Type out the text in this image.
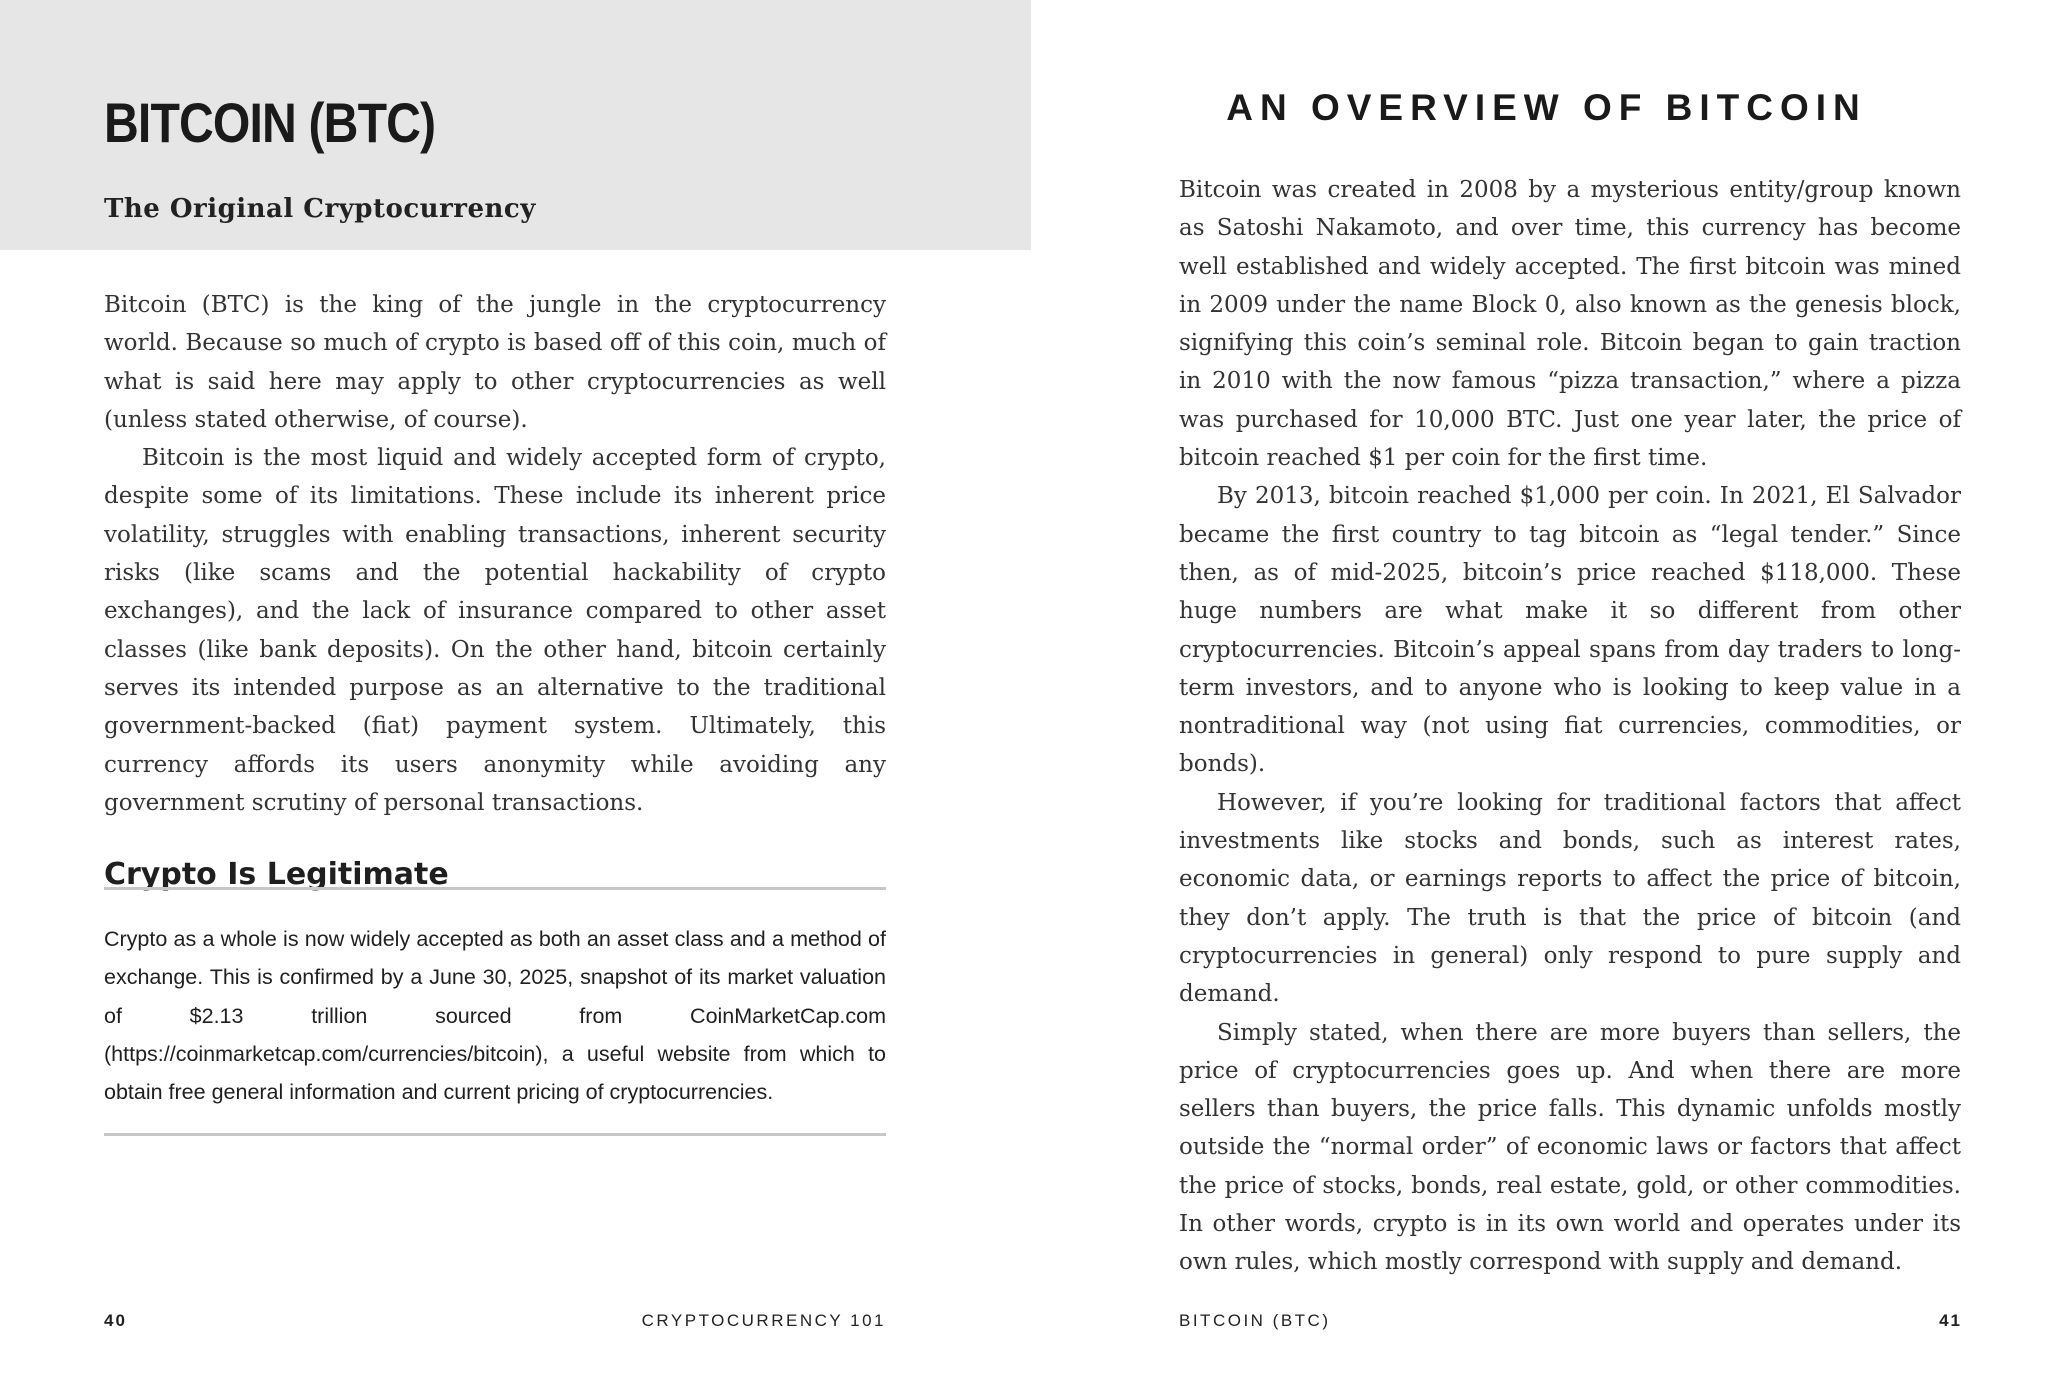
BITCOIN (BTC)
The Original Cryptocurrency

Bitcoin (BTC) is the king of the jungle in the cryptocurrency world. Because so much of crypto is based off of this coin, much of what is said here may apply to other cryptocurrencies as well (unless stated otherwise, of course).

Bitcoin is the most liquid and widely accepted form of crypto, despite some of its limitations. These include its inherent price volatility, struggles with enabling transactions, inherent security risks (like scams and the potential hackability of crypto exchanges), and the lack of insurance compared to other asset classes (like bank deposits). On the other hand, bitcoin certainly serves its intended purpose as an alternative to the traditional government-backed (fiat) payment system. Ultimately, this currency affords its users anonymity while avoiding any government scrutiny of personal transactions.

Crypto Is Legitimate

Crypto as a whole is now widely accepted as both an asset class and a method of exchange. This is confirmed by a June 30, 2025, snapshot of its market valuation of $2.13 trillion sourced from CoinMarketCap.com (https://coinmarketcap.com/currencies/bitcoin), a useful website from which to obtain free general information and current pricing of cryptocurrencies.

40	CRYPTOCURRENCY 101
AN OVERVIEW OF BITCOIN

Bitcoin was created in 2008 by a mysterious entity/group known as Satoshi Nakamoto, and over time, this currency has become well established and widely accepted. The first bitcoin was mined in 2009 under the name Block 0, also known as the genesis block, signifying this coin’s seminal role. Bitcoin began to gain traction in 2010 with the now famous “pizza transaction,” where a pizza was purchased for 10,000 BTC. Just one year later, the price of bitcoin reached $1 per coin for the first time.

By 2013, bitcoin reached $1,000 per coin. In 2021, El Salvador became the first country to tag bitcoin as “legal tender.” Since then, as of mid-2025, bitcoin’s price reached $118,000. These huge numbers are what make it so different from other cryptocurrencies. Bitcoin’s appeal spans from day traders to long-term investors, and to anyone who is looking to keep value in a nontraditional way (not using fiat currencies, commodities, or bonds).

However, if you’re looking for traditional factors that affect investments like stocks and bonds, such as interest rates, economic data, or earnings reports to affect the price of bitcoin, they don’t apply. The truth is that the price of bitcoin (and cryptocurrencies in general) only respond to pure supply and demand.

Simply stated, when there are more buyers than sellers, the price of cryptocurrencies goes up. And when there are more sellers than buyers, the price falls. This dynamic unfolds mostly outside the “normal order” of economic laws or factors that affect the price of stocks, bonds, real estate, gold, or other commodities. In other words, crypto is in its own world and operates under its own rules, which mostly correspond with supply and demand.

BITCOIN (BTC)	41
